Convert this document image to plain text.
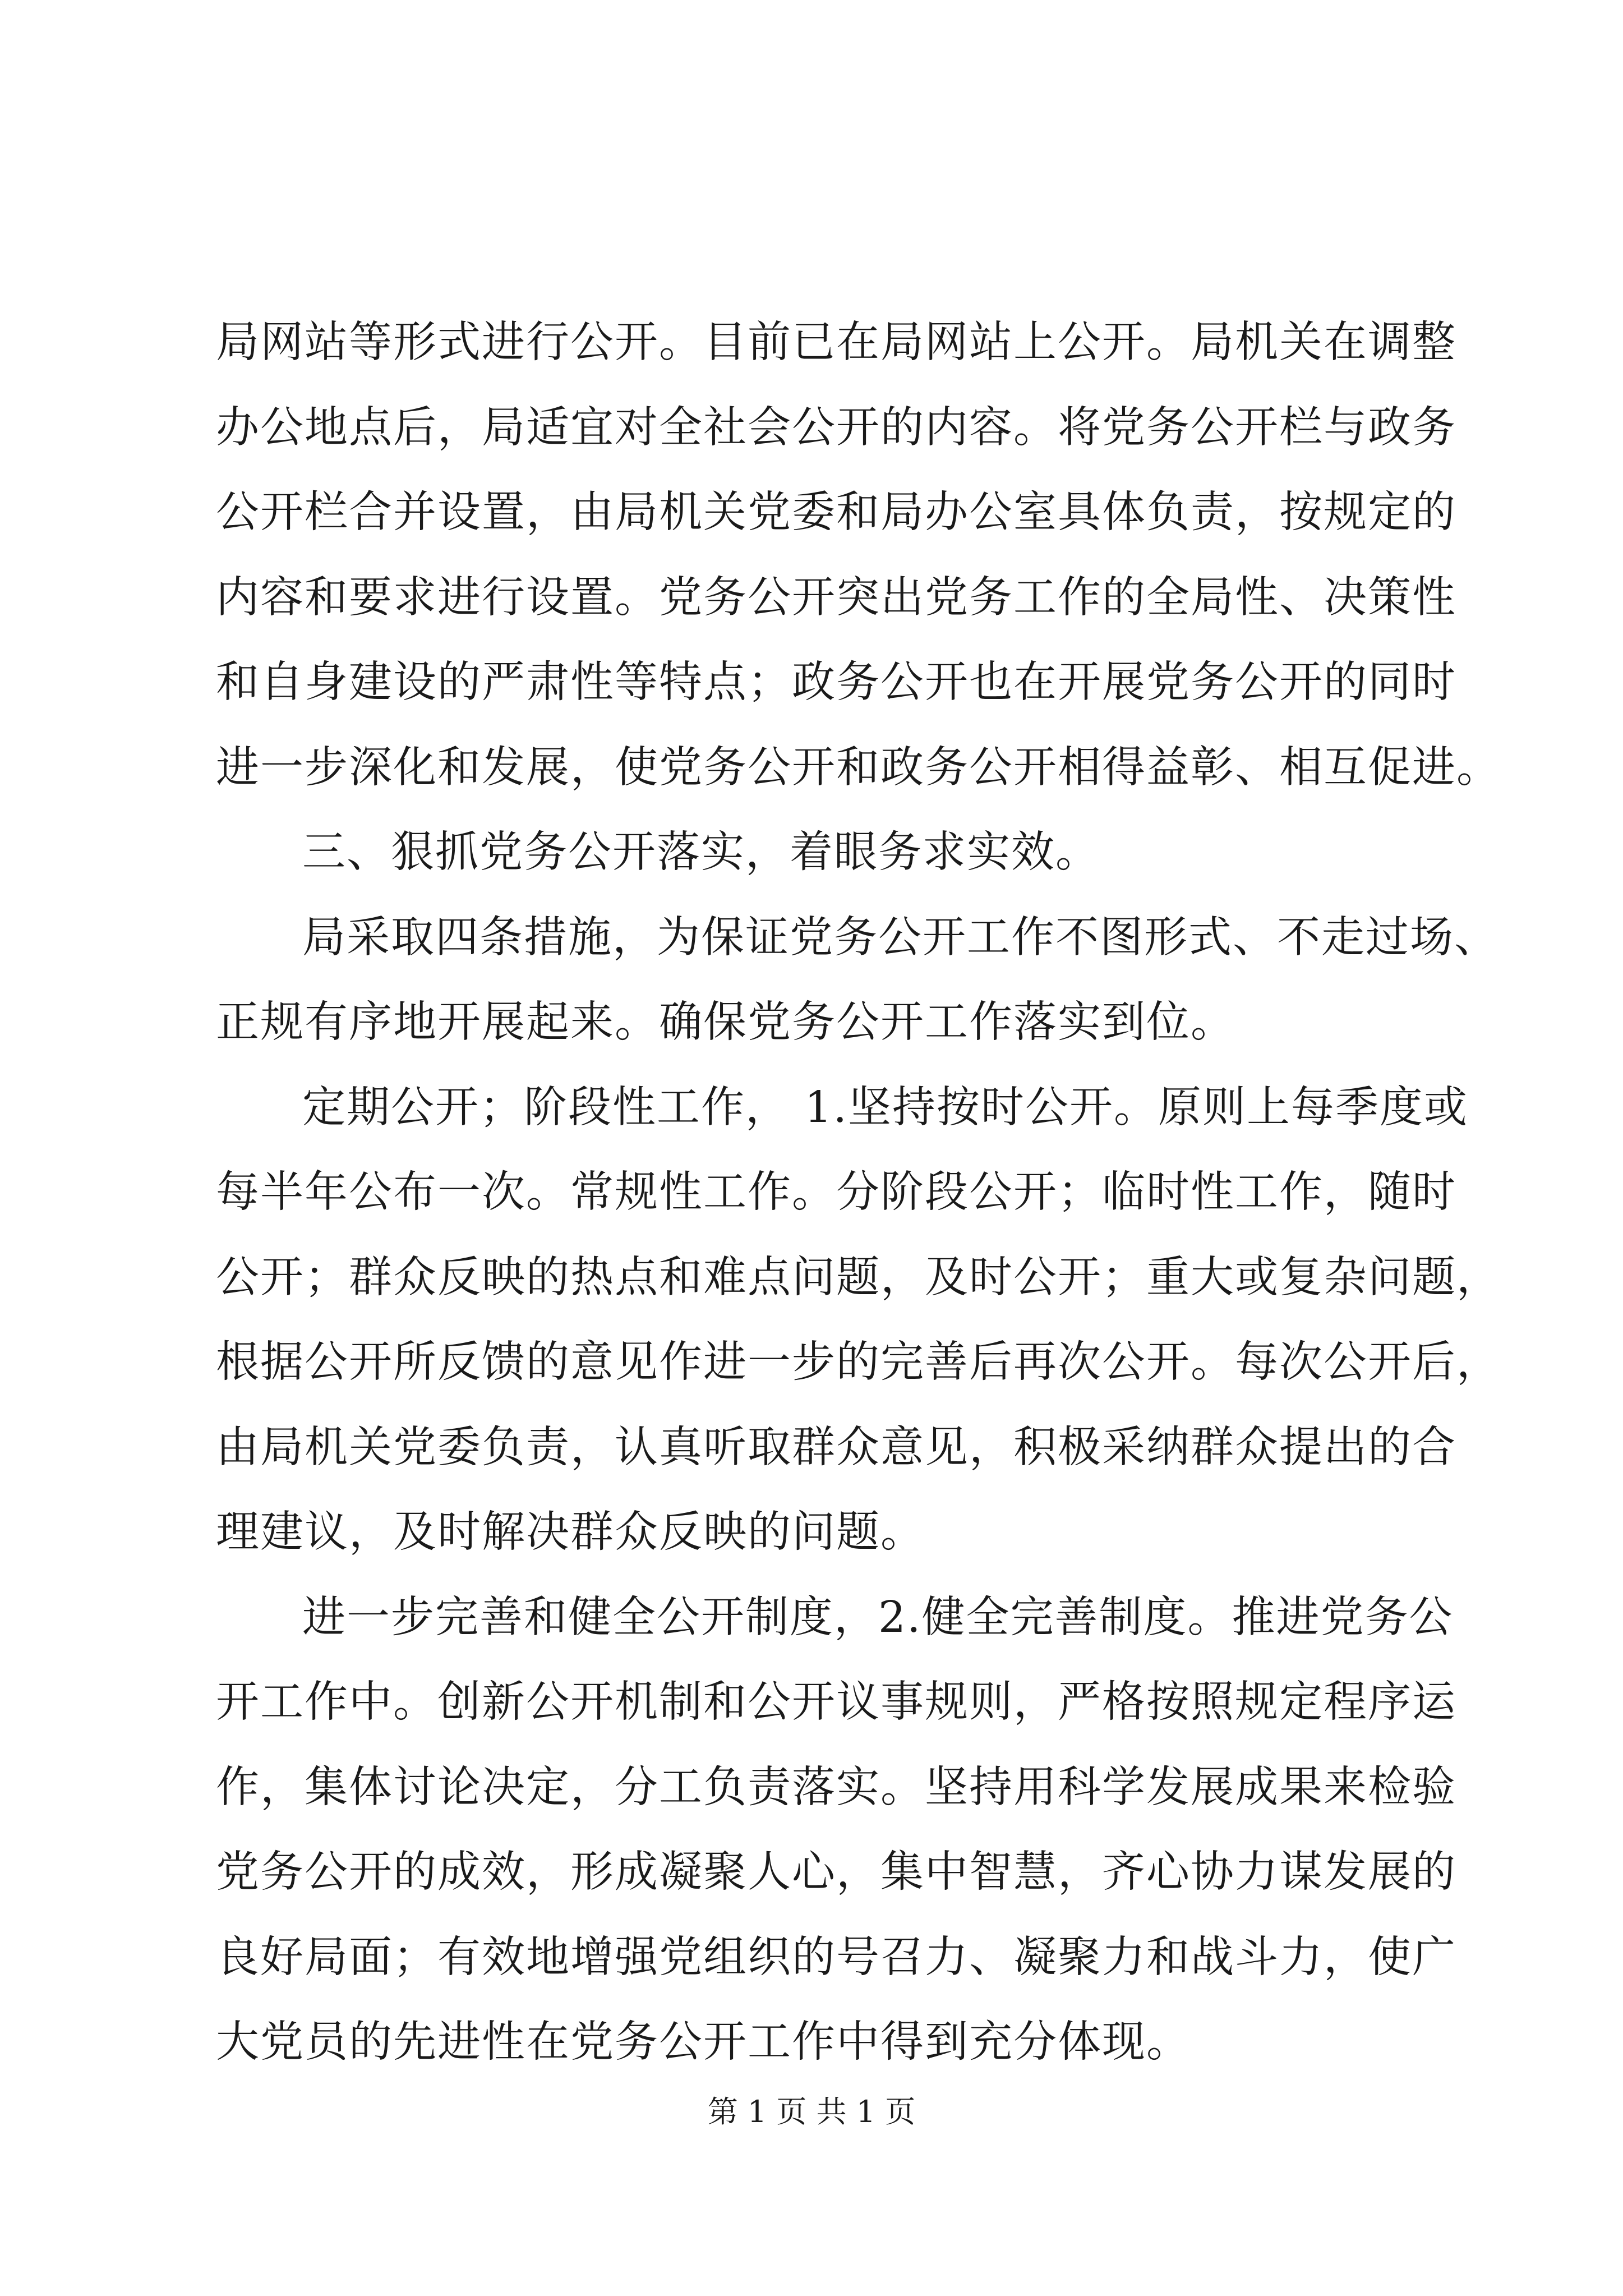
局网站等形式进行公开。目前已在局网站上公开。局机关在调整
办公地点后，局适宜对全社会公开的内容。将党务公开栏与政务
公开栏合并设置，由局机关党委和局办公室具体负责，按规定的
内容和要求进行设置。党务公开突出党务工作的全局性、决策性
和自身建设的严肃性等特点；政务公开也在开展党务公开的同时
进一步深化和发展，使党务公开和政务公开相得益彰、相互促进。
三、狠抓党务公开落实，着眼务求实效。
局采取四条措施，为保证党务公开工作不图形式、不走过场、
正规有序地开展起来。确保党务公开工作落实到位。
定期公开；阶段性工作， 1.坚持按时公开。原则上每季度或
每半年公布一次。常规性工作。分阶段公开；临时性工作，随时
公开；群众反映的热点和难点问题，及时公开；重大或复杂问题，
根据公开所反馈的意见作进一步的完善后再次公开。每次公开后，
由局机关党委负责，认真听取群众意见，积极采纳群众提出的合
理建议，及时解决群众反映的问题。
进一步完善和健全公开制度，2.健全完善制度。推进党务公
开工作中。创新公开机制和公开议事规则，严格按照规定程序运
作，集体讨论决定，分工负责落实。坚持用科学发展成果来检验
党务公开的成效，形成凝聚人心，集中智慧，齐心协力谋发展的
良好局面；有效地增强党组织的号召力、凝聚力和战斗力，使广
大党员的先进性在党务公开工作中得到充分体现。
第 1 页 共 1 页
